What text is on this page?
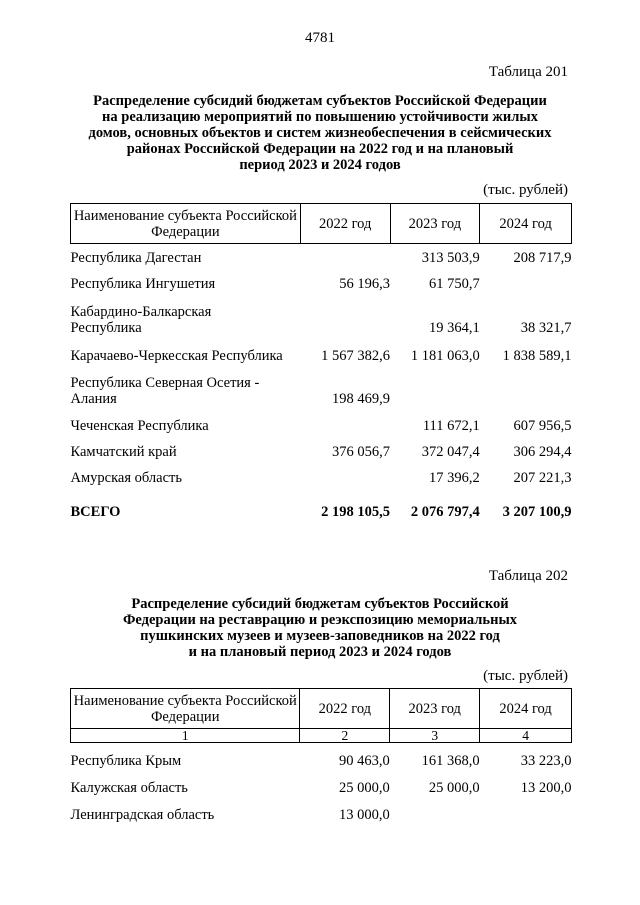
4781
Таблица 201
Распределение субсидий бюджетам субъектов Российской Федерации
на реализацию мероприятий по повышению устойчивости жилых
домов, основных объектов и систем жизнеобеспечения в сейсмических
районах Российской Федерации на 2022 год и на плановый
период 2023 и 2024 годов
(тыс. рублей)
Наименование субъекта Российской Федерации	2022 год	2023 год	2024 год
Республика Дагестан		313 503,9	208 717,9
Республика Ингушетия	56 196,3	61 750,7	
Кабардино-Балкарская Республика		19 364,1	38 321,7
Карачаево-Черкесская Республика	1 567 382,6	1 181 063,0	1 838 589,1
Республика Северная Осетия - Алания	198 469,9		
Чеченская Республика		111 672,1	607 956,5
Камчатский край	376 056,7	372 047,4	306 294,4
Амурская область		17 396,2	207 221,3
ВСЕГО	2 198 105,5	2 076 797,4	3 207 100,9
Таблица 202
Распределение субсидий бюджетам субъектов Российской
Федерации на реставрацию и реэкспозицию мемориальных
пушкинских музеев и музеев-заповедников на 2022 год
и на плановый период 2023 и 2024 годов
(тыс. рублей)
Наименование субъекта Российской Федерации	2022 год	2023 год	2024 год
1	2	3	4
Республика Крым	90 463,0	161 368,0	33 223,0
Калужская область	25 000,0	25 000,0	13 200,0
Ленинградская область	13 000,0		
